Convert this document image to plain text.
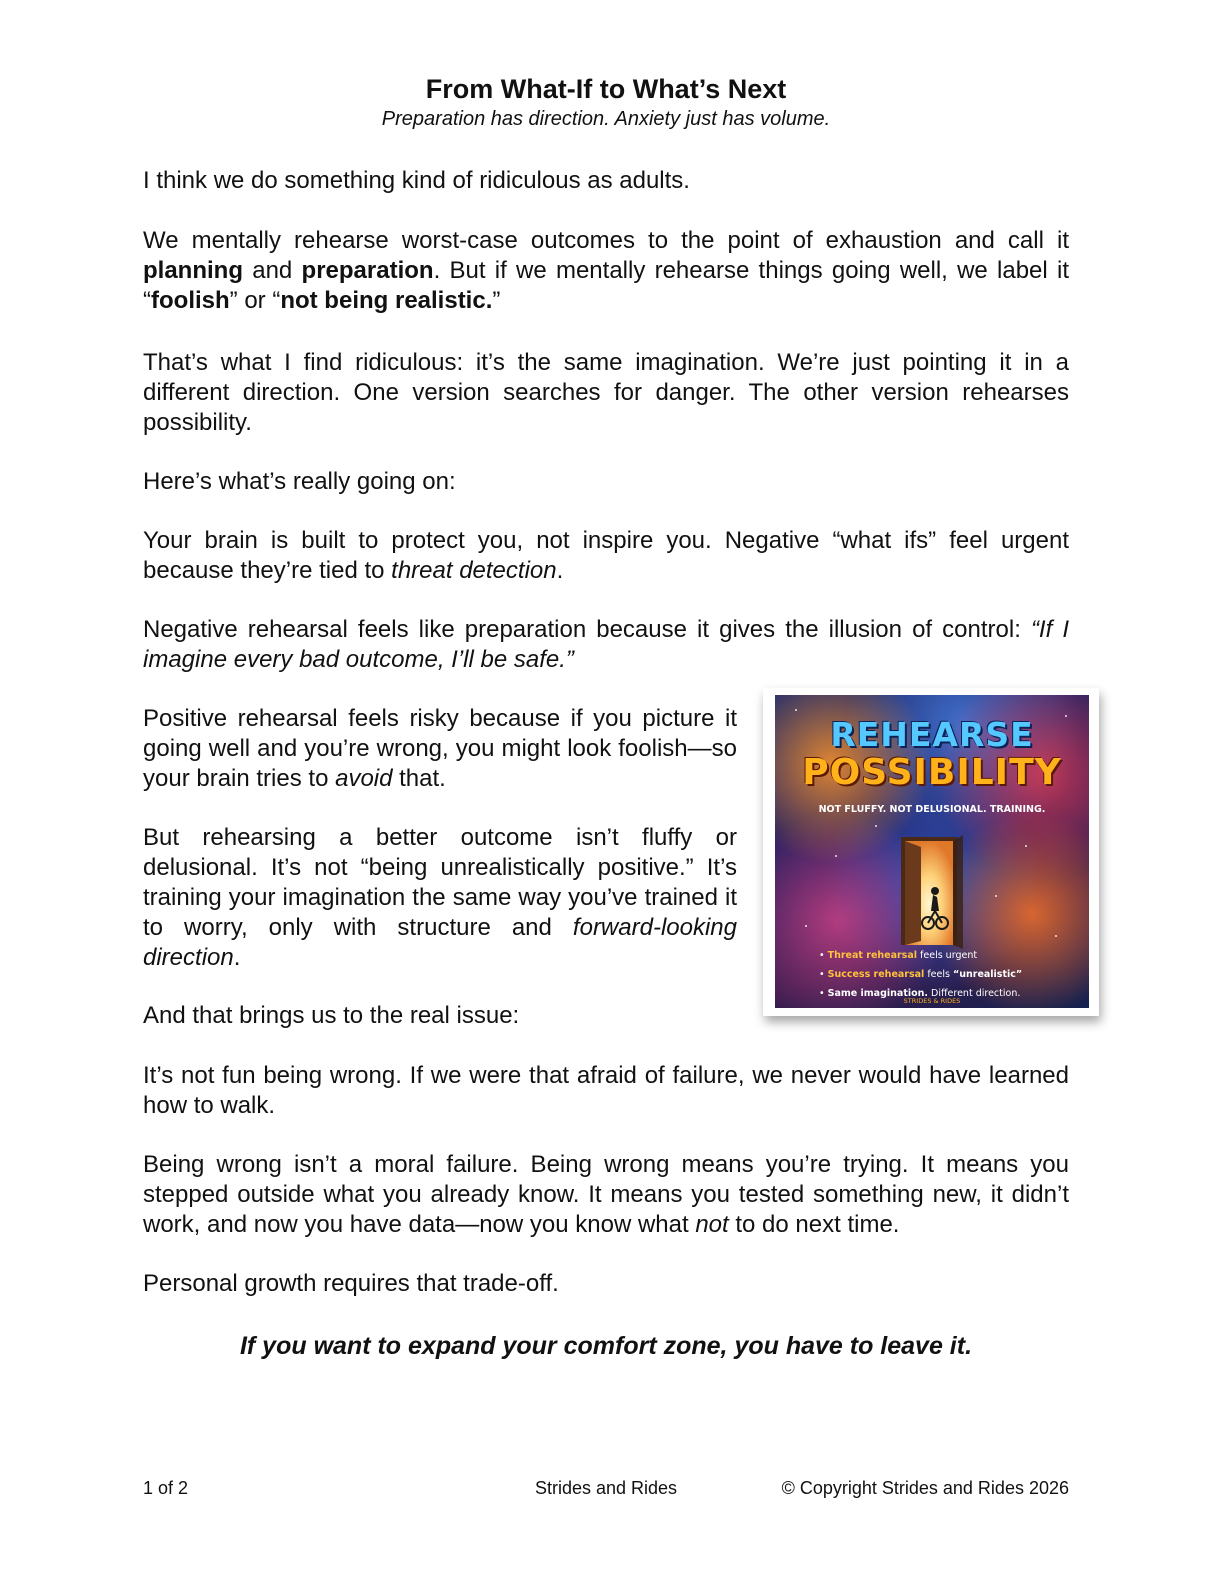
From What-If to What’s Next

Preparation has direction. Anxiety just has volume.

I think we do something kind of ridiculous as adults.

We mentally rehearse worst-case outcomes to the point of exhaustion and call it planning and preparation. But if we mentally rehearse things going well, we label it “foolish” or “not being realistic.”

That’s what I find ridiculous: it’s the same imagination. We’re just pointing it in a different direction. One version searches for danger. The other version rehearses possibility.

Here’s what’s really going on:

Your brain is built to protect you, not inspire you. Negative “what ifs” feel urgent because they’re tied to threat detection.

Negative rehearsal feels like preparation because it gives the illusion of control: “If I imagine every bad outcome, I’ll be safe.”

Positive rehearsal feels risky because if you picture it going well and you’re wrong, you might look foolish—so your brain tries to avoid that.

But rehearsing a better outcome isn’t fluffy or delusional. It’s not “being unrealistically positive.” It’s training your imagination the same way you’ve trained it to worry, only with structure and forward-looking direction.

And that brings us to the real issue:

It’s not fun being wrong. If we were that afraid of failure, we never would have learned how to walk.

Being wrong isn’t a moral failure. Being wrong means you’re trying. It means you stepped outside what you already know. It means you tested something new, it didn’t work, and now you have data—now you know what not to do next time.

Personal growth requires that trade-off.

If you want to expand your comfort zone, you have to leave it.

REHEARSE
POSSIBILITY
NOT FLUFFY. NOT DELUSIONAL. TRAINING.
• Threat rehearsal feels urgent
• Success rehearsal feels “unrealistic”
• Same imagination. Different direction.
STRIDES & RIDES
1 of 2	Strides and Rides	© Copyright Strides and Rides 2026
